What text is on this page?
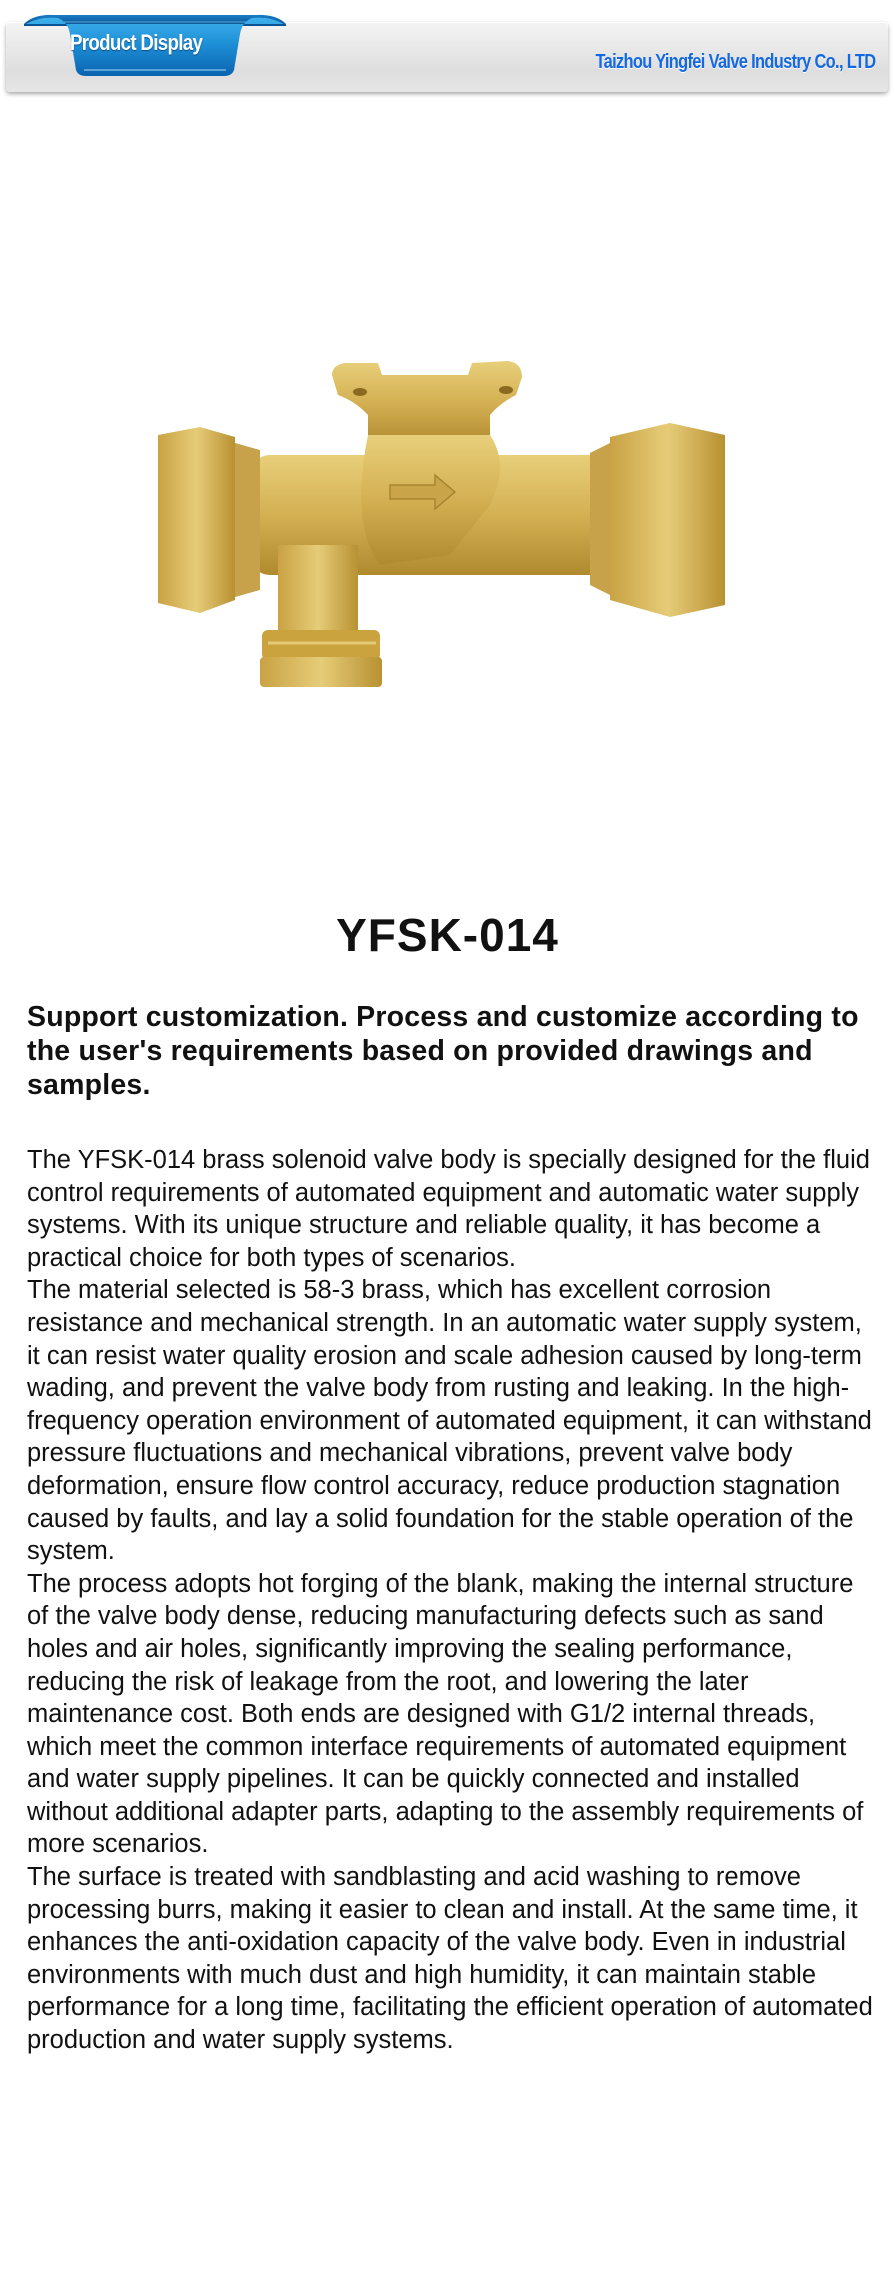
Product Display
Taizhou Yingfei Valve Industry Co., LTD
YFSK-014
Support customization. Process and customize according to the user's requirements based on provided drawings and samples.

The YFSK-014 brass solenoid valve body is specially designed for the fluid control requirements of automated equipment and automatic water supply systems. With its unique structure and reliable quality, it has become a practical choice for both types of scenarios.

The material selected is 58-3 brass, which has excellent corrosion resistance and mechanical strength. In an automatic water supply system, it can resist water quality erosion and scale adhesion caused by long-term wading, and prevent the valve body from rusting and leaking. In the high-frequency operation environment of automated equipment, it can withstand pressure fluctuations and mechanical vibrations, prevent valve body deformation, ensure flow control accuracy, reduce production stagnation caused by faults, and lay a solid foundation for the stable operation of the system.

The process adopts hot forging of the blank, making the internal structure of the valve body dense, reducing manufacturing defects such as sand holes and air holes, significantly improving the sealing performance, reducing the risk of leakage from the root, and lowering the later maintenance cost. Both ends are designed with G1/2 internal threads, which meet the common interface requirements of automated equipment and water supply pipelines. It can be quickly connected and installed without additional adapter parts, adapting to the assembly requirements of more scenarios.

The surface is treated with sandblasting and acid washing to remove processing burrs, making it easier to clean and install. At the same time, it enhances the anti-oxidation capacity of the valve body. Even in industrial environments with much dust and high humidity, it can maintain stable performance for a long time, facilitating the efficient operation of automated production and water supply systems.
